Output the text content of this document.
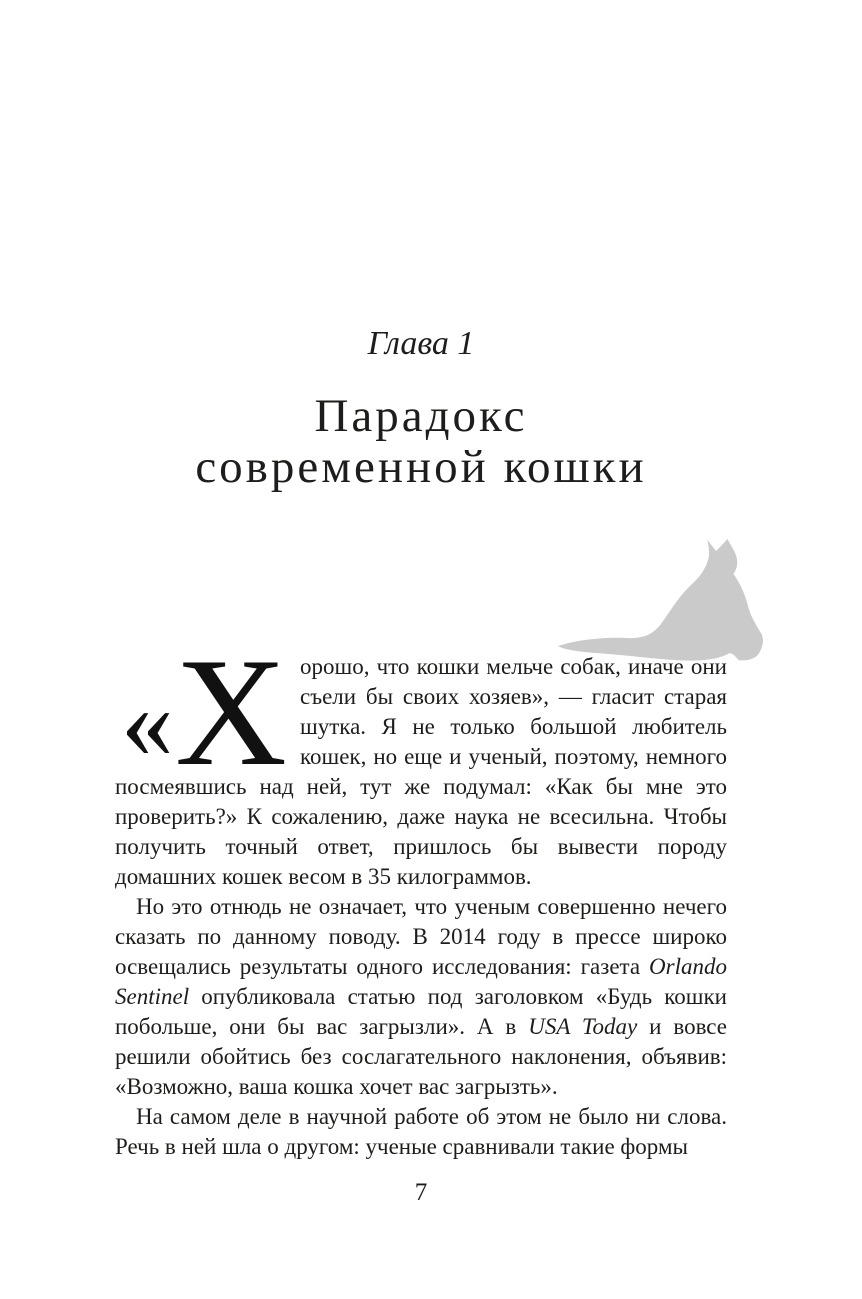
Глава 1
Парадокс
современной кошки

« Х орошо, что кошки мельче собак, иначе они съели бы своих хозяев», — гласит старая шутка. Я не только большой любитель кошек, но еще и ученый, поэтому, немного посмеявшись над ней, тут же подумал: «Как бы мне это проверить?» К сожалению, даже наука не всесильна. Чтобы получить точный ответ, пришлось бы вывести породу домашних кошек весом в 35 килограммов.

Но это отнюдь не означает, что ученым совершенно нечего сказать по данному поводу. В 2014 году в прессе широко освещались результаты одного исследования: газета Orlando Sentinel опубликовала статью под заголовком «Будь кошки побольше, они бы вас загрызли». А в USA Today и вовсе решили обойтись без сослагательного наклонения, объявив: «Возможно, ваша кошка хочет вас загрызть».

На самом деле в научной работе об этом не было ни слова. Речь в ней шла о другом: ученые сравнивали такие формы

7
